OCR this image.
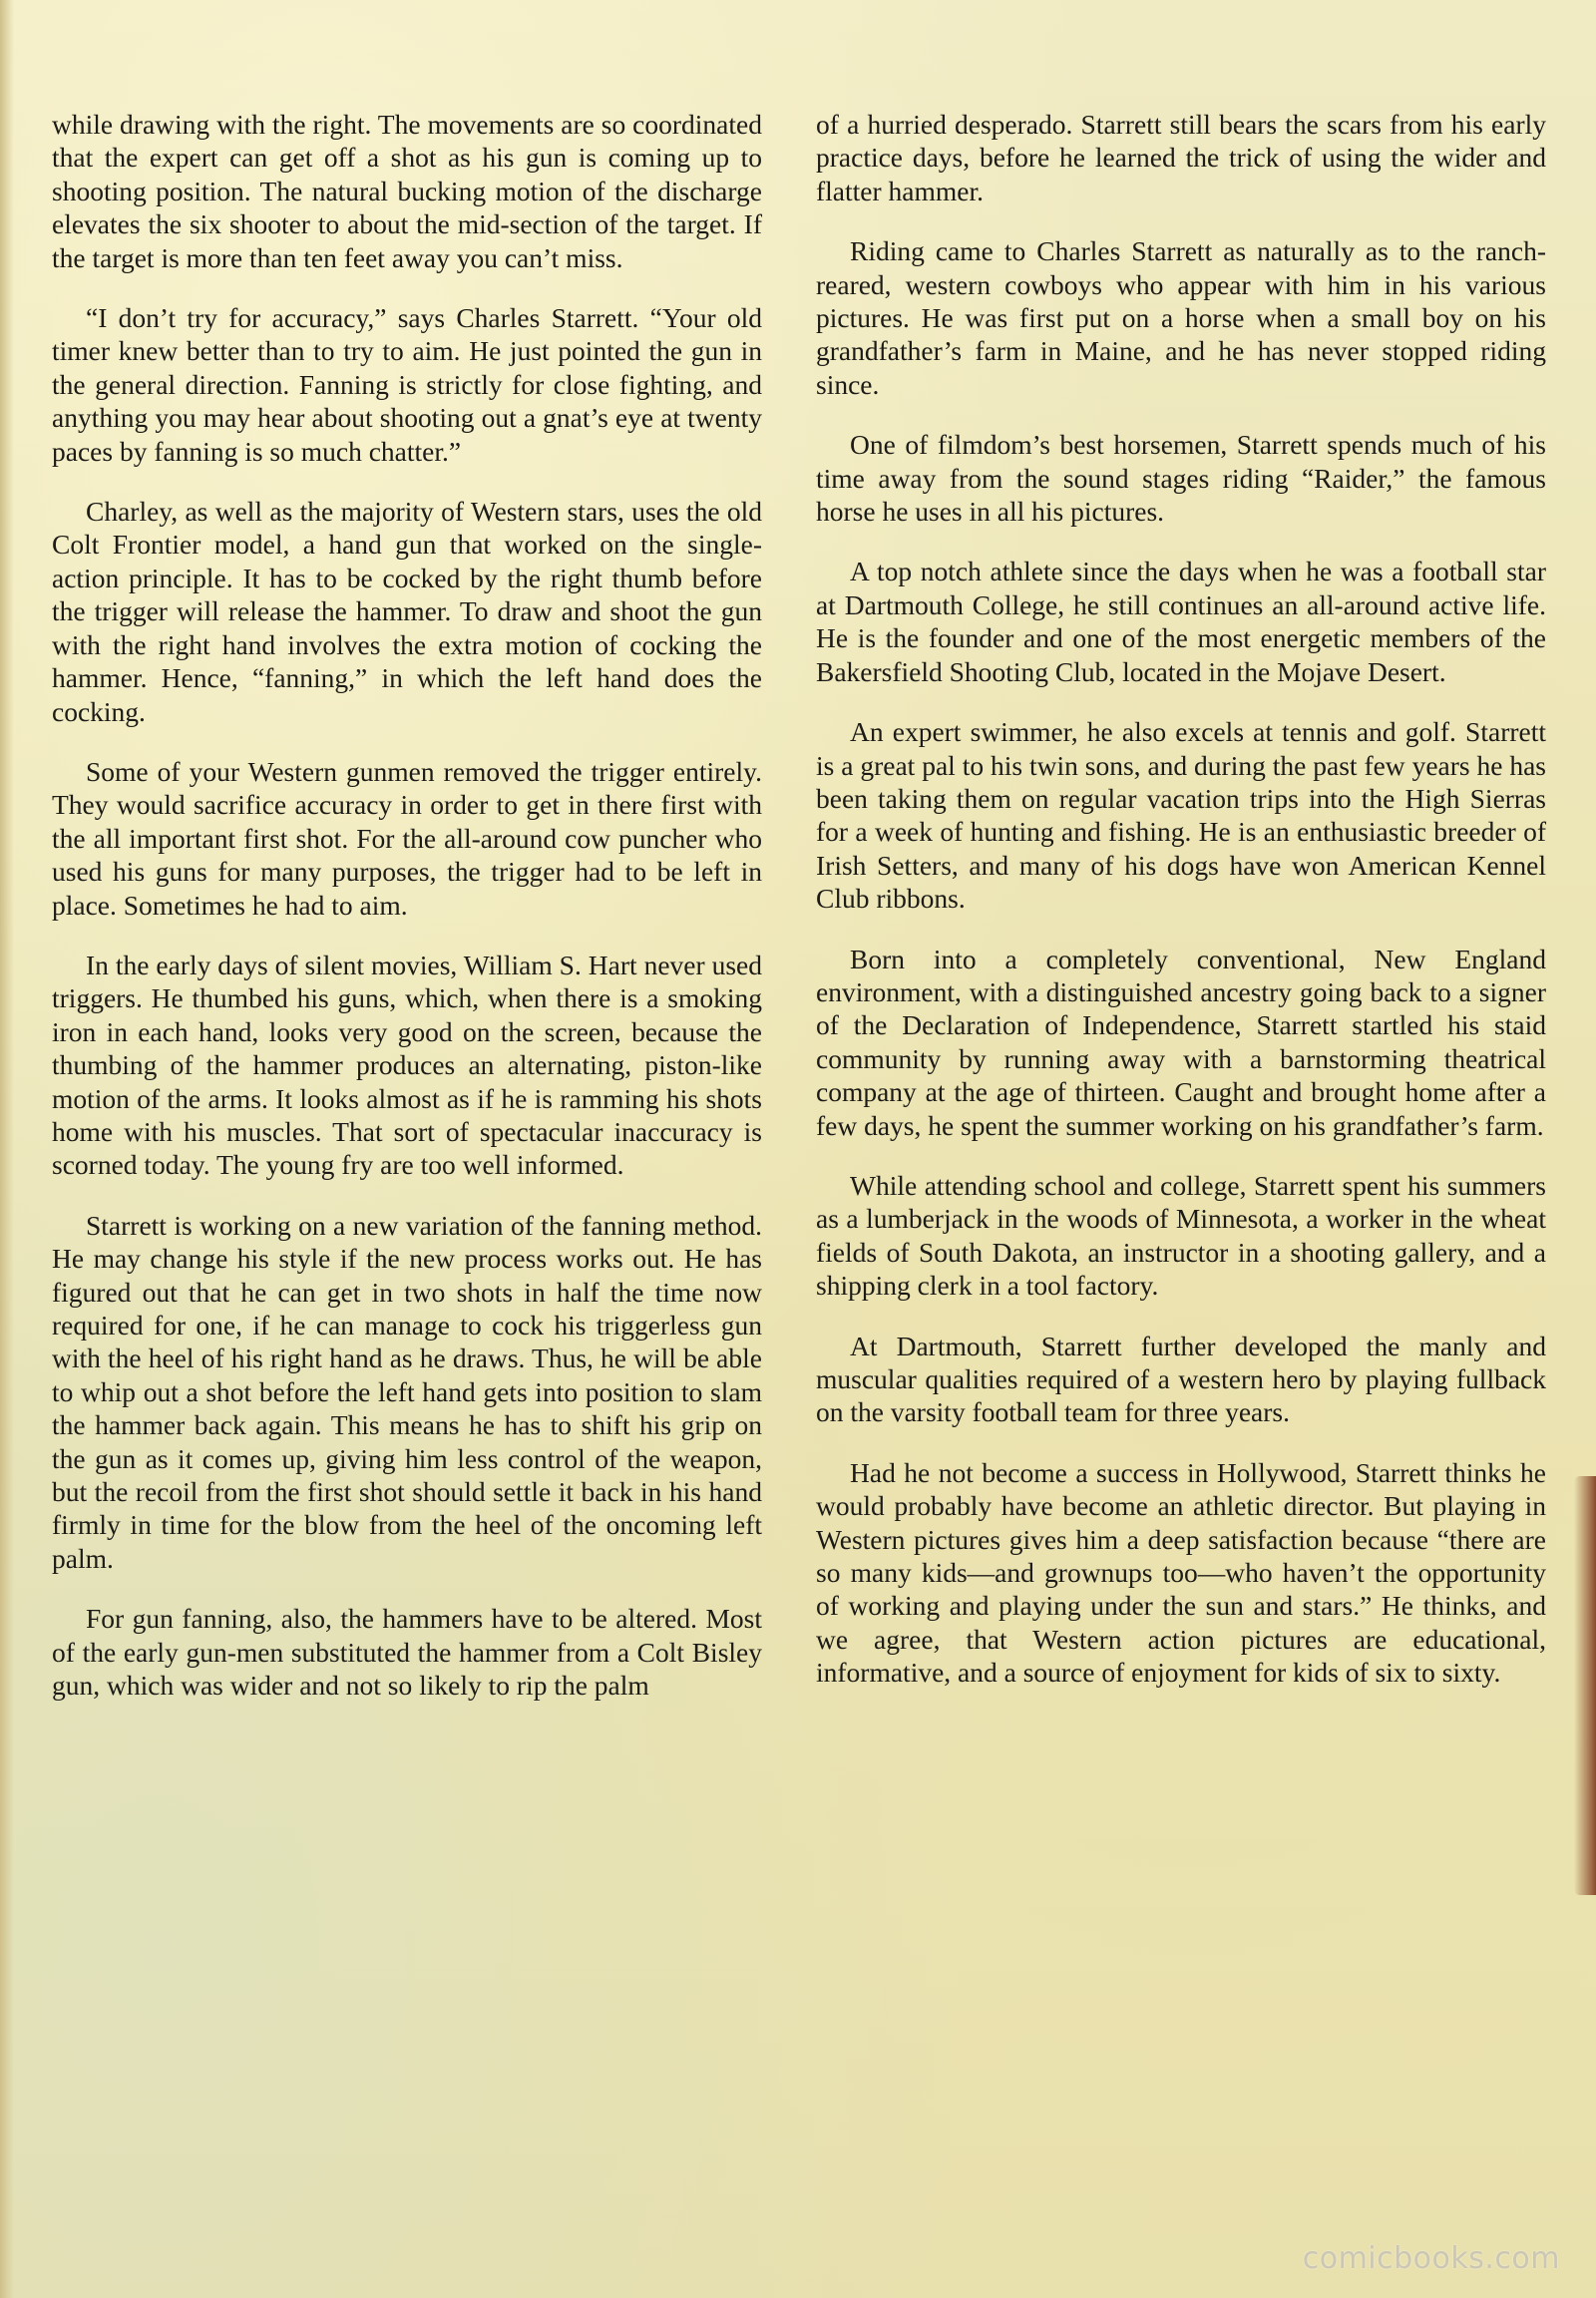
while drawing with the right. The movements are so coordinated that the expert can get off a shot as his gun is coming up to shooting position. The natural bucking motion of the discharge elevates the six shooter to about the mid-section of the target. If the target is more than ten feet away you can’t miss.

“I don’t try for accuracy,” says Charles Starrett. “Your old timer knew better than to try to aim. He just pointed the gun in the general direction. Fanning is strictly for close fighting, and anything you may hear about shooting out a gnat’s eye at twenty paces by fanning is so much chatter.”

Charley, as well as the majority of Western stars, uses the old Colt Frontier model, a hand gun that worked on the single-action principle. It has to be cocked by the right thumb before the trigger will release the hammer. To draw and shoot the gun with the right hand involves the extra motion of cocking the hammer. Hence, “fanning,” in which the left hand does the cocking.

Some of your Western gunmen removed the trigger entirely. They would sacrifice accuracy in order to get in there first with the all important first shot. For the all-around cow puncher who used his guns for many purposes, the trigger had to be left in place. Sometimes he had to aim.

In the early days of silent movies, William S. Hart never used triggers. He thumbed his guns, which, when there is a smoking iron in each hand, looks very good on the screen, because the thumbing of the hammer produces an alternating, piston-like motion of the arms. It looks almost as if he is ramming his shots home with his muscles. That sort of spectacular inaccuracy is scorned today. The young fry are too well informed.

Starrett is working on a new variation of the fanning method. He may change his style if the new process works out. He has figured out that he can get in two shots in half the time now required for one, if he can manage to cock his triggerless gun with the heel of his right hand as he draws. Thus, he will be able to whip out a shot before the left hand gets into position to slam the hammer back again. This means he has to shift his grip on the gun as it comes up, giving him less control of the weapon, but the recoil from the first shot should settle it back in his hand firmly in time for the blow from the heel of the oncoming left palm.

For gun fanning, also, the hammers have to be altered. Most of the early gun-men substituted the hammer from a Colt Bisley gun, which was wider and not so likely to rip the palm

of a hurried desperado. Starrett still bears the scars from his early practice days, before he learned the trick of using the wider and flatter hammer.

Riding came to Charles Starrett as naturally as to the ranch-reared, western cowboys who appear with him in his various pictures. He was first put on a horse when a small boy on his grandfather’s farm in Maine, and he has never stopped riding since.

One of filmdom’s best horsemen, Starrett spends much of his time away from the sound stages riding “Raider,” the famous horse he uses in all his pictures.

A top notch athlete since the days when he was a football star at Dartmouth College, he still continues an all-around active life. He is the founder and one of the most energetic members of the Bakersfield Shooting Club, located in the Mojave Desert.

An expert swimmer, he also excels at tennis and golf. Starrett is a great pal to his twin sons, and during the past few years he has been taking them on regular vacation trips into the High Sierras for a week of hunting and fishing. He is an enthusiastic breeder of Irish Setters, and many of his dogs have won American Kennel Club ribbons.

Born into a completely conventional, New England environment, with a distinguished ancestry going back to a signer of the Declaration of Independence, Starrett startled his staid community by running away with a barnstorming theatrical company at the age of thirteen. Caught and brought home after a few days, he spent the summer working on his grandfather’s farm.

While attending school and college, Starrett spent his summers as a lumberjack in the woods of Minnesota, a worker in the wheat fields of South Dakota, an instructor in a shooting gallery, and a shipping clerk in a tool factory.

At Dartmouth, Starrett further developed the manly and muscular qualities required of a western hero by playing fullback on the varsity football team for three years.

Had he not become a success in Hollywood, Starrett thinks he would probably have become an athletic director. But playing in Western pictures gives him a deep satisfaction because “there are so many kids—and grownups too—who haven’t the opportunity of working and playing under the sun and stars.” He thinks, and we agree, that Western action pictures are educational, informative, and a source of enjoyment for kids of six to sixty.

comicbooks.com
